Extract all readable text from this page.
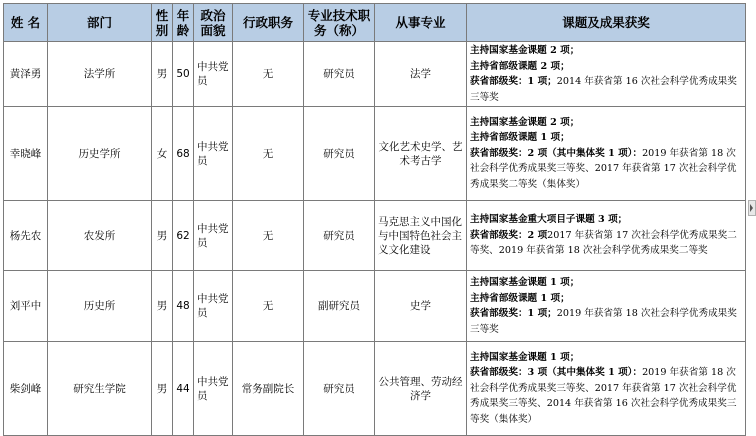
姓 名	部门	性别	年龄	政治面貌	行政职务	专业技术职务（称）	从事专业	课题及成果获奖
黄泽勇	法学所	男	50	中共党员	无	研究员	法学	主持国家基金课题 2 项；
主持省部级课题 2 项；
获省部级奖：1 项；2014 年获省第 16 次社会科学优秀成果奖三等奖

幸晓峰	历史学所	女	68	中共党员	无	研究员	文化艺术史学、艺术考古学	主持国家基金课题 2 项；
主持省部级课题 1 项；
获省部级奖：2 项（其中集体奖 1 项）：2019 年获省第 18 次社会科学优秀成果奖三等奖、2017 年获省第 17 次社会科学优秀成果奖二等奖（集体奖）

杨先农	农发所	男	62	中共党员	无	研究员	马克思主义中国化与中国特色社会主义文化建设	主持国家基金重大项目子课题 3 项；
获省部级奖：2 项2017 年获省第 17 次社会科学优秀成果奖二等奖、2019 年获省第 18 次社会科学优秀成果奖二等奖

刘平中	历史所	男	48	中共党员	无	副研究员	史学	主持国家基金课题 1 项；
主持省部级课题 1 项；
获省部级奖：1 项；2019 年获省第 18 次社会科学优秀成果奖三等奖

柴剑峰	研究生学院	男	44	中共党员	常务副院长	研究员	公共管理、劳动经济学	主持国家基金课题 1 项；
获省部级奖：3 项（其中集体奖 1 项）：2019 年获省第 18 次社会科学优秀成果奖三等奖、2017 年获省第 17 次社会科学优秀成果奖三等奖、2014 年获省第 16 次社会科学优秀成果奖三等奖（集体奖）
